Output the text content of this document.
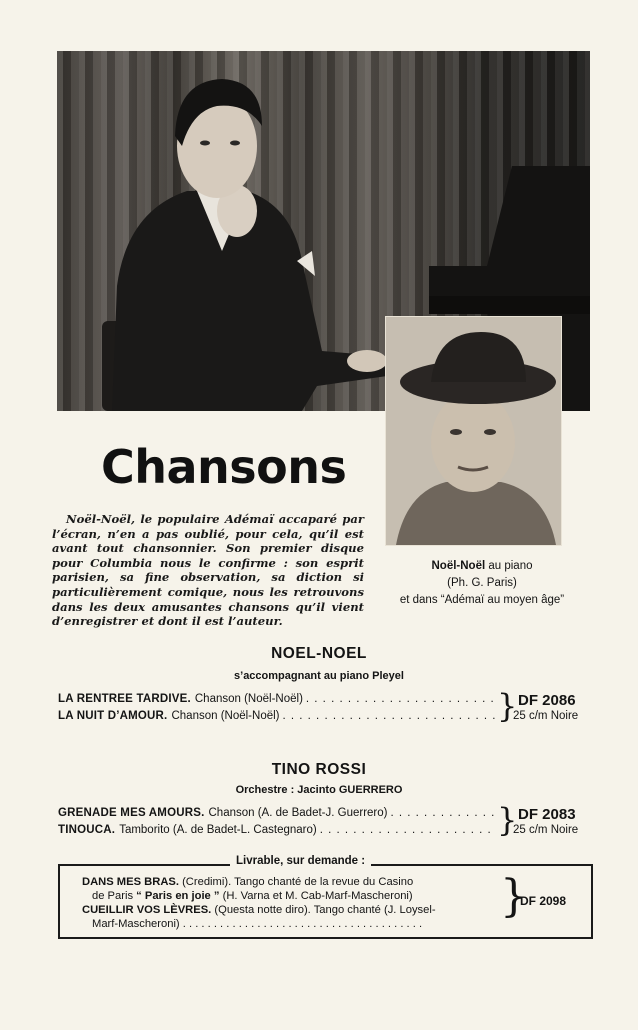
Chansons

Noël-Noël, le populaire Adémaï accaparé par l’écran, n’en a pas oublié, pour cela, qu’il est avant tout chansonnier. Son premier disque pour Columbia nous le confirme : son esprit parisien, sa fine observation, sa diction si particulièrement comique, nous les retrouvons dans les deux amusantes chansons qu’il vient d’enregistrer et dont il est l’auteur.

Noël-Noël au piano
(Ph. G. Paris)
et dans “Adémaï au moyen âge”
NOEL-NOEL
s’accompagnant au piano Pleyel
LA RENTRÉE TARDIVE. Chanson (Noël-Noël)
. . .
LA NUIT D’AMOUR. Chanson (Noël-Noël) . . .	} DF 2086
25 c/m Noire
TINO ROSSI
Orchestre : Jacinto GUERRERO
GRENADE MES AMOURS. Chanson (A. de Badet-J. Guerrero)
. . .
TINOUCA. Tamborito (A. de Badet-L. Castegnaro) . . .	} DF 2083
25 c/m Noire
Livrable, sur demande :
DANS MES BRAS. (Credimi). Tango chanté de la revue du Casino
de Paris “ Paris en joie ” (H. Varna et M. Cab-Marf-Mascheroni)
CUEILLIR VOS LÈVRES. (Questa notte diro). Tango chanté (J. Loysel-
Marf-Mascheroni) . . . . . . . . . . . . . . . . . . . . . . . . . . . . . . . . . . . . . . .
}
DF 2098
